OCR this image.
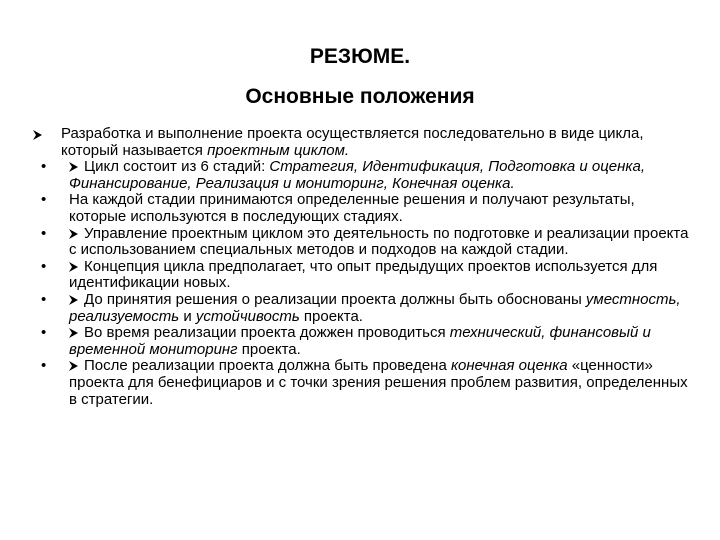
РЕЗЮМЕ.
Основные положения
Разработка и выполнение проекта осуществляется последовательно в виде цикла, который называется проектным циклом.
•	Цикл состоит из 6 стадий: Стратегия, Идентификация, Подготовка и оценка, Финансирование, Реализация и мониторинг, Конечная оценка.
•	На каждой стадии принимаются определенные решения и получают результаты, которые используются в последующих стадиях.
•	Управление проектным циклом это деятельность по подготовке и реализации проекта с использованием специальных методов и подходов на каждой стадии.
•	Концепция цикла предполагает, что опыт предыдущих проектов используется для идентификации новых.
•	До принятия решения о реализации проекта должны быть обоснованы уместность, реализуемость и устойчивость проекта.
•	Во время реализации проекта дожжен проводиться технический, финансовый и временной мониторинг проекта.
•	После реализации проекта должна быть проведена конечная оценка «ценности» проекта для бенефициаров и с точки зрения решения проблем развития, определенных в стратегии.
